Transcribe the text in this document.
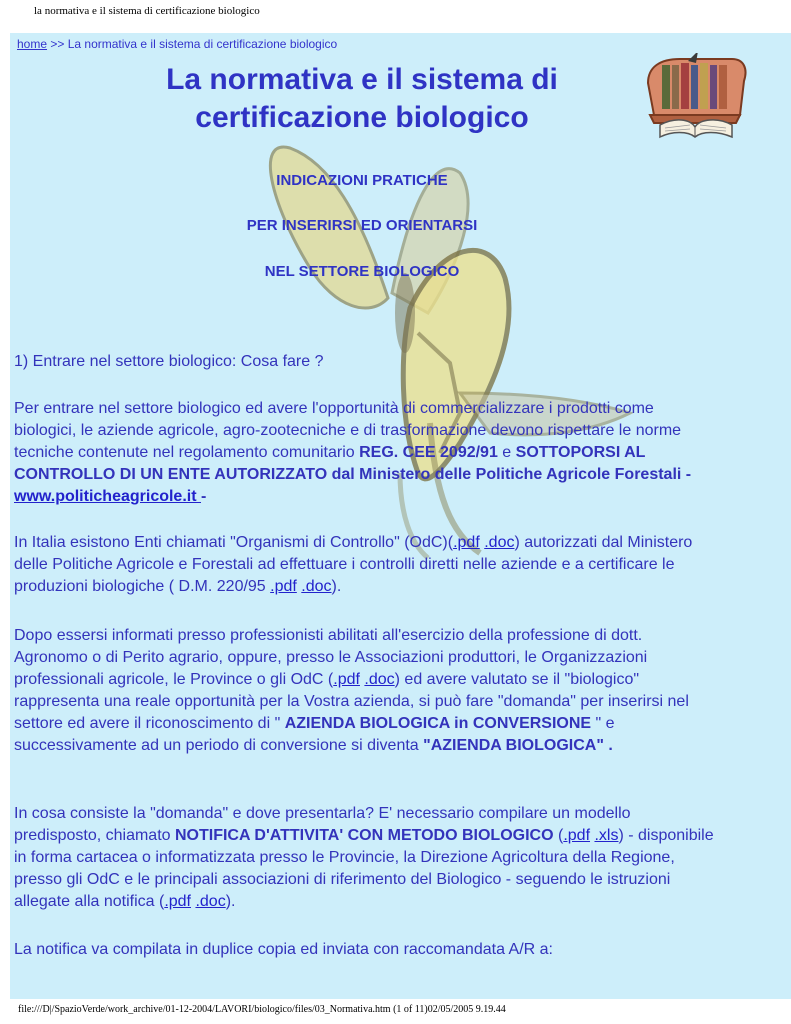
la normativa e il sistema di certificazione biologico
home >> La normativa e il sistema di certificazione biologico
La normativa e il sistema di
certificazione biologico
INDICAZIONI PRATICHE
PER INSERIRSI ED ORIENTARSI
NEL SETTORE BIOLOGICO

1) Entrare nel settore biologico: Cosa fare ?

Per entrare nel settore biologico ed avere l'opportunità di commercializzare i prodotti come biologici, le aziende agricole, agro-zootecniche e di trasformazione devono rispettare le norme tecniche contenute nel regolamento comunitario REG. CEE 2092/91 e SOTTOPORSI AL CONTROLLO DI UN ENTE AUTORIZZATO dal Ministero delle Politiche Agricole Forestali - www.politicheagricole.it -

In Italia esistono Enti chiamati "Organismi di Controllo" (OdC)(.pdf .doc) autorizzati dal Ministero delle Politiche Agricole e Forestali ad effettuare i controlli diretti nelle aziende e a certificare le produzioni biologiche ( D.M. 220/95 .pdf .doc).

Dopo essersi informati presso professionisti abilitati all'esercizio della professione di dott. Agronomo o di Perito agrario, oppure, presso le Associazioni produttori, le Organizzazioni professionali agricole, le Province o gli OdC (.pdf .doc) ed avere valutato se il "biologico" rappresenta una reale opportunità per la Vostra azienda, si può fare "domanda" per inserirsi nel settore ed avere il riconoscimento di " AZIENDA BIOLOGICA in CONVERSIONE " e successivamente ad un periodo di conversione si diventa "AZIENDA BIOLOGICA" .

In cosa consiste la "domanda" e dove presentarla? E' necessario compilare un modello predisposto, chiamato NOTIFICA D'ATTIVITA' CON METODO BIOLOGICO (.pdf .xls) - disponibile in forma cartacea o informatizzata presso le Provincie, la Direzione Agricoltura della Regione, presso gli OdC e le principali associazioni di riferimento del Biologico - seguendo le istruzioni allegate alla notifica (.pdf .doc).

La notifica va compilata in duplice copia ed inviata con raccomandata A/R a:

file:///D|/SpazioVerde/work_archive/01-12-2004/LAVORI/biologico/files/03_Normativa.htm (1 of 11)02/05/2005 9.19.44
